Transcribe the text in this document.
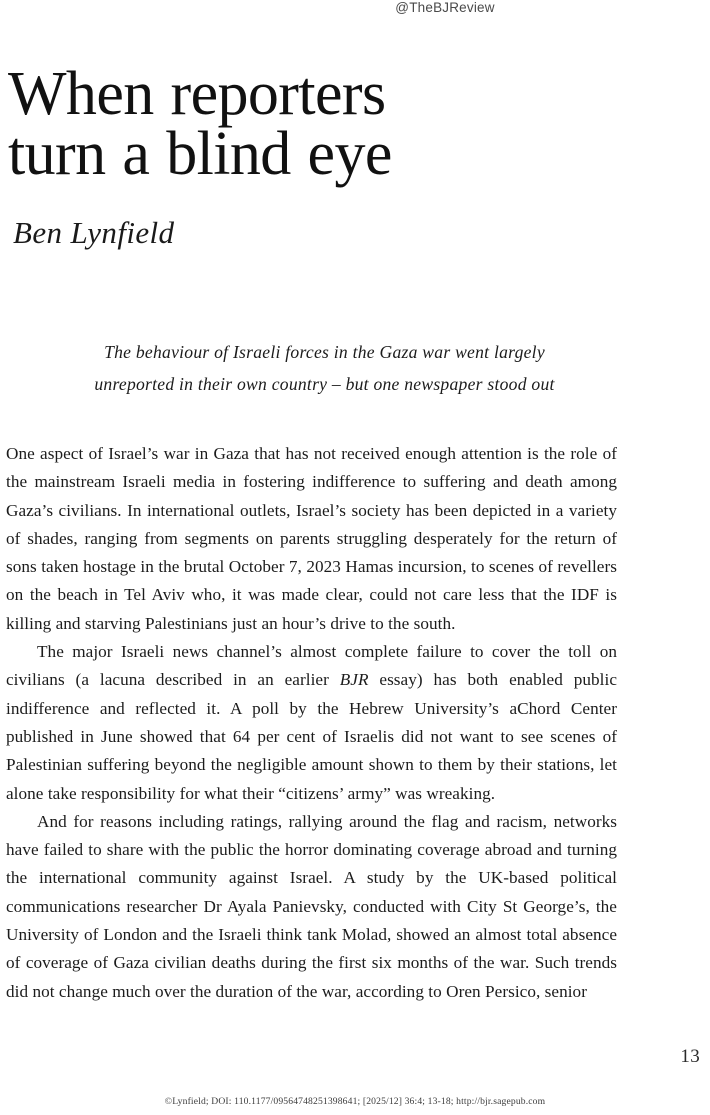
@TheBJReview
When reporters
turn a blind eye
Ben Lynfield
The behaviour of Israeli forces in the Gaza war went largely
unreported in their own country – but one newspaper stood out

One aspect of Israel’s war in Gaza that has not received enough attention is the role of the mainstream Israeli media in fostering indifference to suffering and death among Gaza’s civilians. In international outlets, Israel’s society has been depicted in a variety of shades, ranging from segments on parents struggling desperately for the return of sons taken hostage in the brutal October 7, 2023 Hamas incursion, to scenes of revellers on the beach in Tel Aviv who, it was made clear, could not care less that the IDF is killing and starving Palestinians just an hour’s drive to the south.

The major Israeli news channel’s almost complete failure to cover the toll on civilians (a lacuna described in an earlier BJR essay) has both enabled public indifference and reflected it. A poll by the Hebrew University’s aChord Center published in June showed that 64 per cent of Israelis did not want to see scenes of Palestinian suffering beyond the negligible amount shown to them by their stations, let alone take responsibility for what their “citizens’ army” was wreaking.

And for reasons including ratings, rallying around the flag and racism, networks have failed to share with the public the horror dominating coverage abroad and turning the international community against Israel. A study by the UK-based political communications researcher Dr Ayala Panievsky, conducted with City St George’s, the University of London and the Israeli think tank Molad, showed an almost total absence of coverage of Gaza civilian deaths during the first six months of the war. Such trends did not change much over the duration of the war, according to Oren Persico, senior

13
©Lynfield; DOI: 110.1177/09564748251398641; [2025/12] 36:4; 13-18; http://bjr.sagepub.com
